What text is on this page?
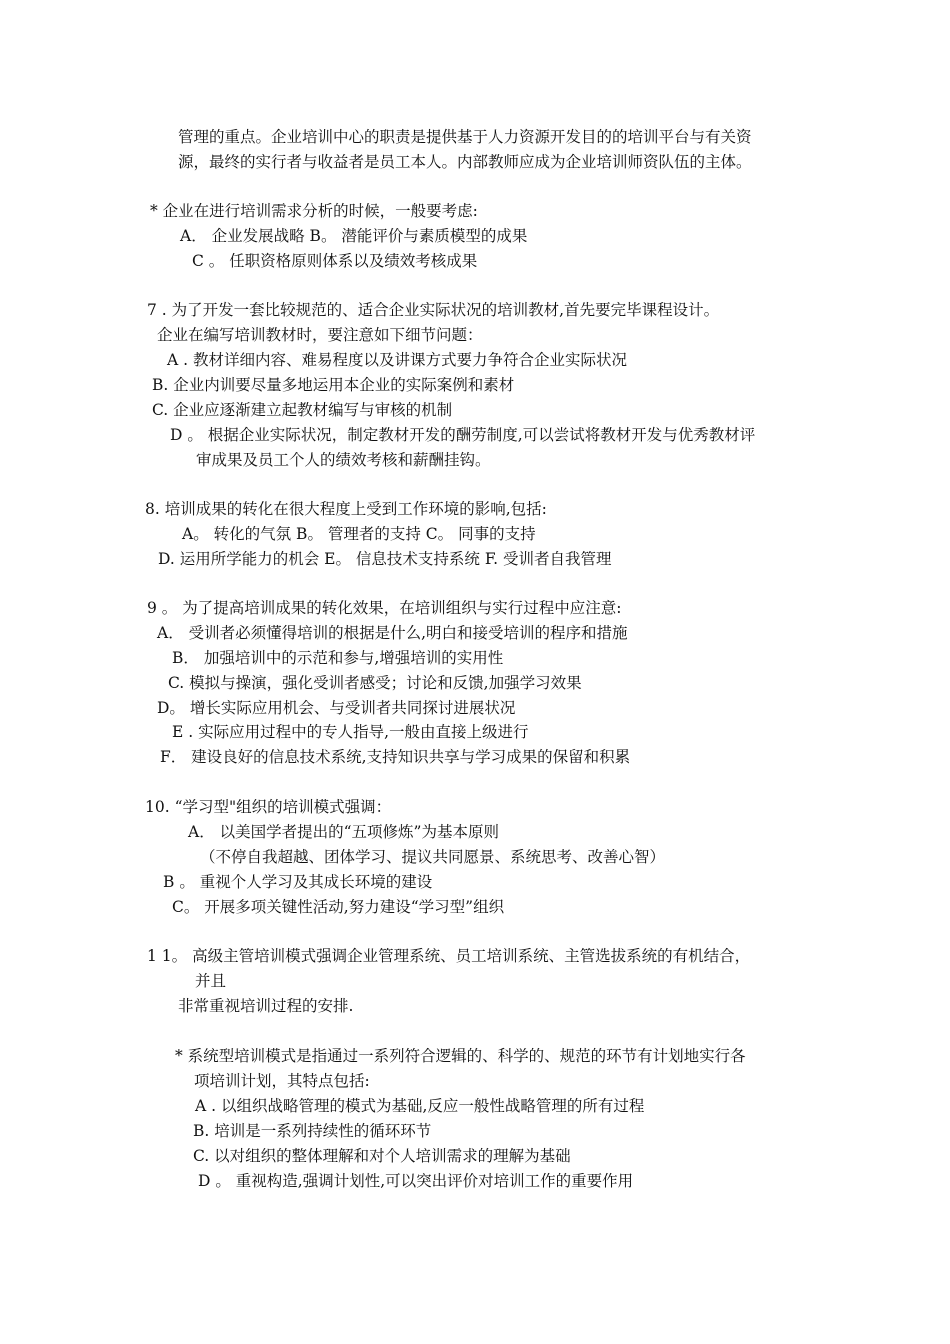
管理的重点。企业培训中心的职责是提供基于人力资源开发目的的培训平台与有关资
源，最终的实行者与收益者是员工本人。内部教师应成为企业培训师资队伍的主体。
* 企业在进行培训需求分析的时候，一般要考虑:
A． 企业发展战略 B。 潜能评价与素质模型的成果
C 。 任职资格原则体系以及绩效考核成果
7 . 为了开发一套比较规范的、适合企业实际状况的培训教材,首先要完毕课程设计。
企业在编写培训教材时，要注意如下细节问题：
A . 教材详细内容、难易程度以及讲课方式要力争符合企业实际状况
B. 企业内训要尽量多地运用本企业的实际案例和素材
C. 企业应逐渐建立起教材编写与审核的机制
D 。 根据企业实际状况，制定教材开发的酬劳制度,可以尝试将教材开发与优秀教材评
审成果及员工个人的绩效考核和薪酬挂钩。
8. 培训成果的转化在很大程度上受到工作环境的影响,包括:
A。 转化的气氛 B。 管理者的支持 C。 同事的支持
D. 运用所学能力的机会 E。 信息技术支持系统 F. 受训者自我管理
9 。 为了提高培训成果的转化效果，在培训组织与实行过程中应注意:
A． 受训者必须懂得培训的根据是什么,明白和接受培训的程序和措施
B． 加强培训中的示范和参与,增强培训的实用性
C. 模拟与操演，强化受训者感受；讨论和反馈,加强学习效果
D。 增长实际应用机会、与受训者共同探讨进展状况
E . 实际应用过程中的专人指导,一般由直接上级进行
F． 建设良好的信息技术系统,支持知识共享与学习成果的保留和积累
10. “学习型"组织的培训模式强调：
A． 以美国学者提出的“五项修炼”为基本原则
（不停自我超越、团体学习、提议共同愿景、系统思考、改善心智）
B 。 重视个人学习及其成长环境的建设
C。 开展多项关键性活动,努力建设“学习型”组织
1 1。 高级主管培训模式强调企业管理系统、员工培训系统、主管选拔系统的有机结合，
并且
非常重视培训过程的安排.
* 系统型培训模式是指通过一系列符合逻辑的、科学的、规范的环节有计划地实行各
项培训计划，其特点包括:
A . 以组织战略管理的模式为基础,反应一般性战略管理的所有过程
B. 培训是一系列持续性的循环环节
C. 以对组织的整体理解和对个人培训需求的理解为基础
D 。 重视构造,强调计划性,可以突出评价对培训工作的重要作用
